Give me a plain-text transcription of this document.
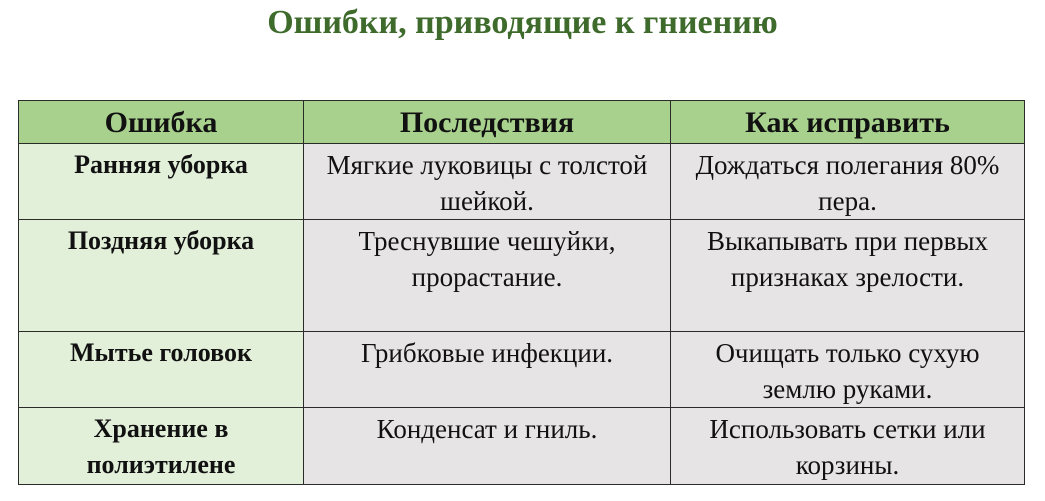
Ошибки, приводящие к гниению
Ошибка	Последствия	Как исправить
Ранняя уборка	Мягкие луковицы с толстой шейкой.	Дождаться полегания 80% пера.
Поздняя уборка	Треснувшие чешуйки, прорастание.	Выкапывать при первых признаках зрелости.
Мытье головок	Грибковые инфекции.	Очищать только сухую землю руками.
Хранение в полиэтилене	Конденсат и гниль.	Использовать сетки или корзины.
